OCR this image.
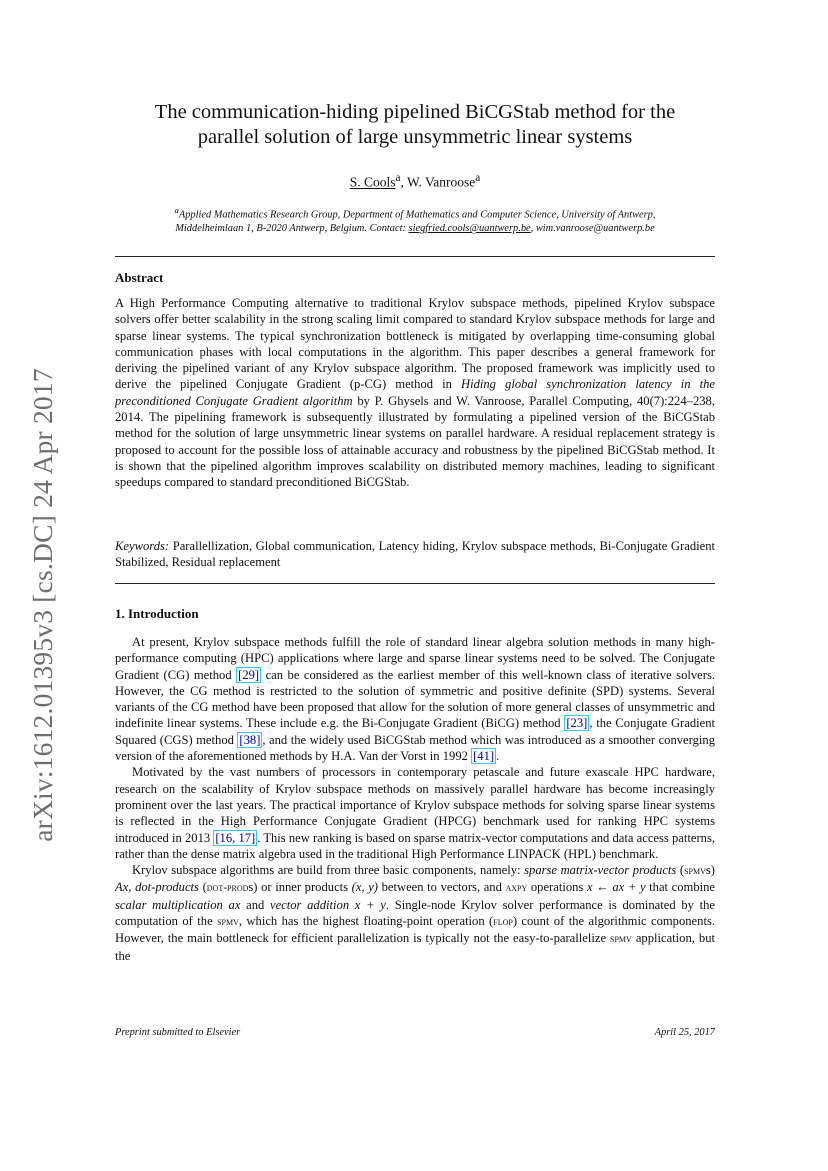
arXiv:1612.01395v3 [cs.DC] 24 Apr 2017
The communication-hiding pipelined BiCGStab method for the
parallel solution of large unsymmetric linear systems
S. Cools$^a$, W. Vanroose$^a$
$^a$Applied Mathematics Research Group, Department of Mathematics and Computer Science, University of Antwerp,
Middelheimlaan 1, B-2020 Antwerp, Belgium. Contact: siegfried.cools@uantwerp.be, wim.vanroose@uantwerp.be
Abstract
A High Performance Computing alternative to traditional Krylov subspace methods, pipelined Krylov subspace solvers offer better scalability in the strong scaling limit compared to standard Krylov subspace methods for large and sparse linear systems. The typical synchronization bottleneck is mitigated by overlapping time-consuming global communication phases with local computations in the algorithm. This paper describes a general framework for deriving the pipelined variant of any Krylov subspace algorithm. The proposed framework was implicitly used to derive the pipelined Conjugate Gradient (p-CG) method in Hiding global synchronization latency in the preconditioned Conjugate Gradient algorithm by P. Ghysels and W. Vanroose, Parallel Computing, 40(7):224–238, 2014. The pipelining framework is subsequently illustrated by formulating a pipelined version of the BiCGStab method for the solution of large unsymmetric linear systems on parallel hardware. A residual replacement strategy is proposed to account for the possible loss of attainable accuracy and robustness by the pipelined BiCGStab method. It is shown that the pipelined algorithm improves scalability on distributed memory machines, leading to significant speedups compared to standard preconditioned BiCGStab.
Keywords: Parallellization, Global communication, Latency hiding, Krylov subspace methods, Bi-Conjugate Gradient Stabilized, Residual replacement
1. Introduction

At present, Krylov subspace methods fulfill the role of standard linear algebra solution methods in many high-performance computing (HPC) applications where large and sparse linear systems need to be solved. The Conjugate Gradient (CG) method [29] can be considered as the earliest member of this well-known class of iterative solvers. However, the CG method is restricted to the solution of symmetric and positive definite (SPD) systems. Several variants of the CG method have been proposed that allow for the solution of more general classes of unsymmetric and indefinite linear systems. These include e.g. the Bi-Conjugate Gradient (BiCG) method [23] , the Conjugate Gradient Squared (CGS) method [38] , and the widely used BiCGStab method which was introduced as a smoother converging version of the aforementioned methods by H.A. Van der Vorst in 1992 [41] .

Motivated by the vast numbers of processors in contemporary petascale and future exascale HPC hardware, research on the scalability of Krylov subspace methods on massively parallel hardware has become increasingly prominent over the last years. The practical importance of Krylov subspace methods for solving sparse linear systems is reflected in the High Performance Conjugate Gradient (HPCG) benchmark used for ranking HPC systems introduced in 2013 [16, 17] . This new ranking is based on sparse matrix-vector computations and data access patterns, rather than the dense matrix algebra used in the traditional High Performance LINPACK (HPL) benchmark.

Krylov subspace algorithms are build from three basic components, namely: sparse matrix-vector products (spmvs) Ax, dot-products (dot-prods) or inner products (x, y) between to vectors, and axpy operations x ← ax + y that combine scalar multiplication ax and vector addition x + y. Single-node Krylov solver performance is dominated by the computation of the spmv, which has the highest floating-point operation (flop) count of the algorithmic components. However, the main bottleneck for efficient parallelization is typically not the easy-to-parallelize spmv application, but the

Preprint submitted to Elsevier	April 25, 2017
